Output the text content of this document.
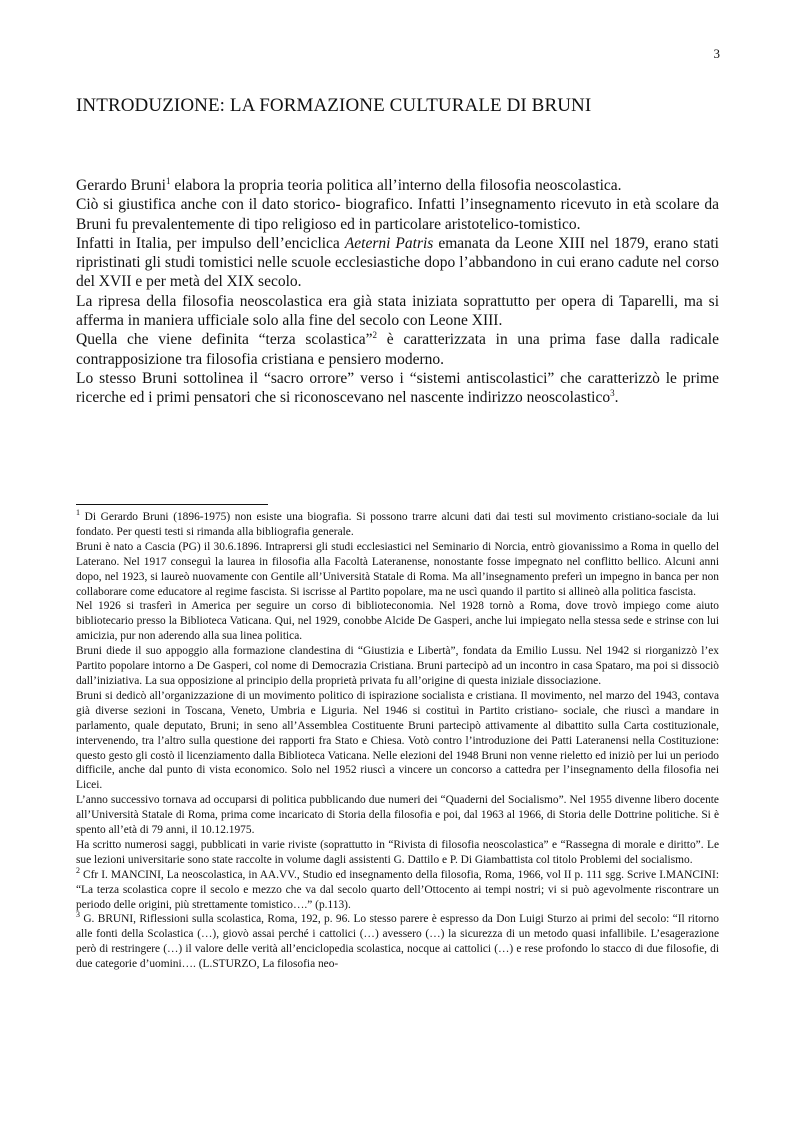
3
INTRODUZIONE: LA FORMAZIONE CULTURALE DI BRUNI

Gerardo Bruni$^1$ elabora la propria teoria politica all’interno della filosofia neoscolastica.

Ciò si giustifica anche con il dato storico- biografico. Infatti l’insegnamento ricevuto in età scolare da Bruni fu prevalentemente di tipo religioso ed in particolare aristotelico-tomistico.

Infatti in Italia, per impulso dell’enciclica Aeterni Patris emanata da Leone XIII nel 1879, erano stati ripristinati gli studi tomistici nelle scuole ecclesiastiche dopo l’abbandono in cui erano cadute nel corso del XVII e per metà del XIX secolo.

La ripresa della filosofia neoscolastica era già stata iniziata soprattutto per opera di Taparelli, ma si afferma in maniera ufficiale solo alla fine del secolo con Leone XIII.

Quella che viene definita “terza scolastica”$^2$ è caratterizzata in una prima fase dalla radicale contrapposizione tra filosofia cristiana e pensiero moderno.

Lo stesso Bruni sottolinea il “sacro orrore” verso i “sistemi antiscolastici” che caratterizzò le prime ricerche ed i primi pensatori che si riconoscevano nel nascente indirizzo neoscolastico$^3$.

$^1$ Di Gerardo Bruni (1896-1975) non esiste una biografia. Si possono trarre alcuni dati dai testi sul movimento cristiano-sociale da lui fondato. Per questi testi si rimanda alla bibliografia generale.

Bruni è nato a Cascia (PG) il 30.6.1896. Intraprersi gli studi ecclesiastici nel Seminario di Norcia, entrò giovanissimo a Roma in quello del Laterano. Nel 1917 conseguì la laurea in filosofia alla Facoltà Lateranense, nonostante fosse impegnato nel conflitto bellico. Alcuni anni dopo, nel 1923, si laureò nuovamente con Gentile all’Università Statale di Roma. Ma all’insegnamento preferì un impegno in banca per non collaborare come educatore al regime fascista. Si iscrisse al Partito popolare, ma ne uscì quando il partito si allineò alla politica fascista.

Nel 1926 si trasferì in America per seguire un corso di biblioteconomia. Nel 1928 tornò a Roma, dove trovò impiego come aiuto bibliotecario presso la Biblioteca Vaticana. Qui, nel 1929, conobbe Alcide De Gasperi, anche lui impiegato nella stessa sede e strinse con lui amicizia, pur non aderendo alla sua linea politica.

Bruni diede il suo appoggio alla formazione clandestina di “Giustizia e Libertà”, fondata da Emilio Lussu. Nel 1942 si riorganizzò l’ex Partito popolare intorno a De Gasperi, col nome di Democrazia Cristiana. Bruni partecipò ad un incontro in casa Spataro, ma poi si dissociò dall’iniziativa. La sua opposizione al principio della proprietà privata fu all’origine di questa iniziale dissociazione.

Bruni si dedicò all’organizzazione di un movimento politico di ispirazione socialista e cristiana. Il movimento, nel marzo del 1943, contava già diverse sezioni in Toscana, Veneto, Umbria e Liguria. Nel 1946 si costituì in Partito cristiano- sociale, che riuscì a mandare in parlamento, quale deputato, Bruni; in seno all’Assemblea Costituente Bruni partecipò attivamente al dibattito sulla Carta costituzionale, intervenendo, tra l’altro sulla questione dei rapporti fra Stato e Chiesa. Votò contro l’introduzione dei Patti Lateranensi nella Costituzione: questo gesto gli costò il licenziamento dalla Biblioteca Vaticana. Nelle elezioni del 1948 Bruni non venne rieletto ed iniziò per lui un periodo difficile, anche dal punto di vista economico. Solo nel 1952 riuscì a vincere un concorso a cattedra per l’insegnamento della filosofia nei Licei.

L’anno successivo tornava ad occuparsi di politica pubblicando due numeri dei “Quaderni del Socialismo”. Nel 1955 divenne libero docente all’Università Statale di Roma, prima come incaricato di Storia della filosofia e poi, dal 1963 al 1966, di Storia delle Dottrine politiche. Si è spento all’età di 79 anni, il 10.12.1975.

Ha scritto numerosi saggi, pubblicati in varie riviste (soprattutto in “Rivista di filosofia neoscolastica” e “Rassegna di morale e diritto”. Le sue lezioni universitarie sono state raccolte in volume dagli assistenti G. Dattilo e P. Di Giambattista col titolo Problemi del socialismo.

$^2$ Cfr I. MANCINI, La neoscolastica, in AA.VV., Studio ed insegnamento della filosofia, Roma, 1966, vol II p. 111 sgg. Scrive I.MANCINI: “La terza scolastica copre il secolo e mezzo che va dal secolo quarto dell’Ottocento ai tempi nostri; vi si può agevolmente riscontrare un periodo delle origini, più strettamente tomistico….” (p.113).

$^3$ G. BRUNI, Riflessioni sulla scolastica, Roma, 192, p. 96. Lo stesso parere è espresso da Don Luigi Sturzo ai primi del secolo: “Il ritorno alle fonti della Scolastica (…), giovò assai perché i cattolici (…) avessero (…) la sicurezza di un metodo quasi infallibile. L’esagerazione però di restringere (…) il valore delle verità all’enciclopedia scolastica, nocque ai cattolici (…) e rese profondo lo stacco di due filosofie, di due categorie d’uomini…. (L.STURZO, La filosofia neo-
